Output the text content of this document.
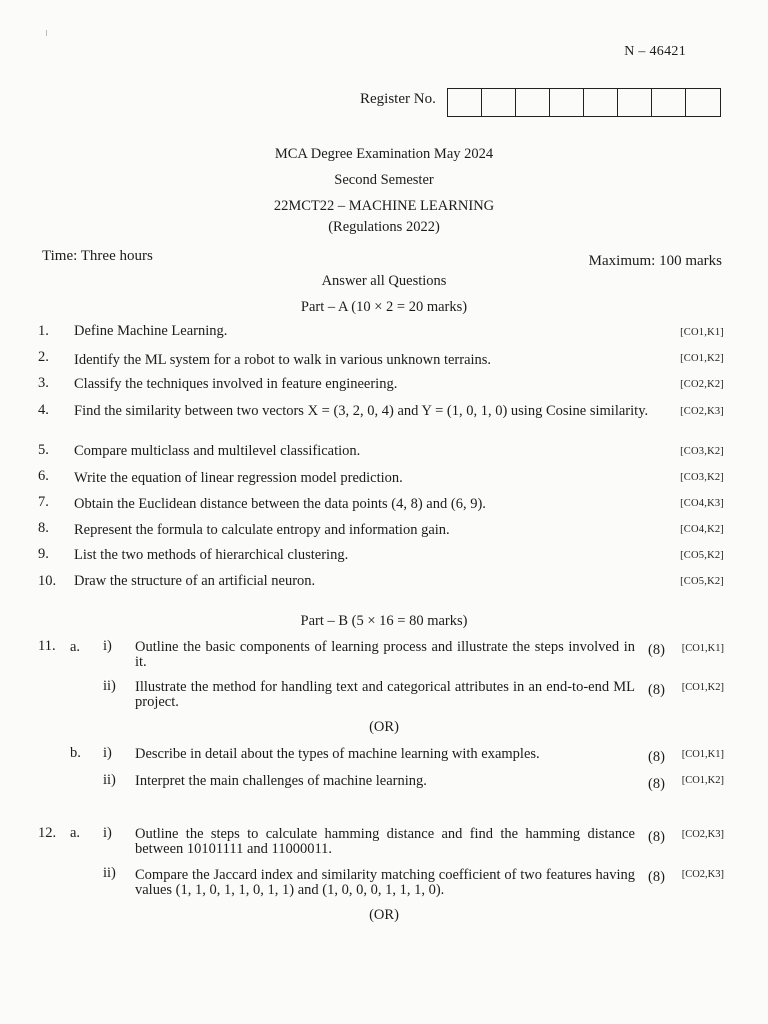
N – 46421
Register No.
MCA Degree Examination May 2024
Second Semester
22MCT22 – MACHINE LEARNING
(Regulations 2022)
Time: Three hours	Maximum: 100 marks
Answer all Questions
Part – A (10 × 2 = 20 marks)
1. Define Machine Learning.	[CO1,K1]
2. Identify the ML system for a robot to walk in various unknown terrains.	[CO1,K2]
3. Classify the techniques involved in feature engineering.	[CO2,K2]
4. Find the similarity between two vectors X = (3, 2, 0, 4) and Y = (1, 0, 1, 0) using Cosine similarity.	[CO2,K3]
5. Compare multiclass and multilevel classification.	[CO3,K2]
6. Write the equation of linear regression model prediction.	[CO3,K2]
7. Obtain the Euclidean distance between the data points (4, 8) and (6, 9).	[CO4,K3]
8. Represent the formula to calculate entropy and information gain.	[CO4,K2]
9. List the two methods of hierarchical clustering.	[CO5,K2]
10. Draw the structure of an artificial neuron.	[CO5,K2]
Part – B (5 × 16 = 80 marks)
11. a. i) Outline the basic components of learning process and illustrate the steps involved in it.
(8) [CO1,K1]
ii) Illustrate the method for handling text and categorical attributes in an end-to-end ML project.
(8) [CO1,K2]
(OR)
b. i) Describe in detail about the types of machine learning with examples.	(8) [CO1,K1]
ii) Interpret the main challenges of machine learning.	(8) [CO1,K2]
12. a. i) Outline the steps to calculate hamming distance and find the hamming distance between 10101111 and 11000011.
(8) [CO2,K3]
ii) Compare the Jaccard index and similarity matching coefficient of two features having values (1, 1, 0, 1, 1, 0, 1, 1) and (1, 0, 0, 0, 1, 1, 1, 0).
(8) [CO2,K3]
(OR)
